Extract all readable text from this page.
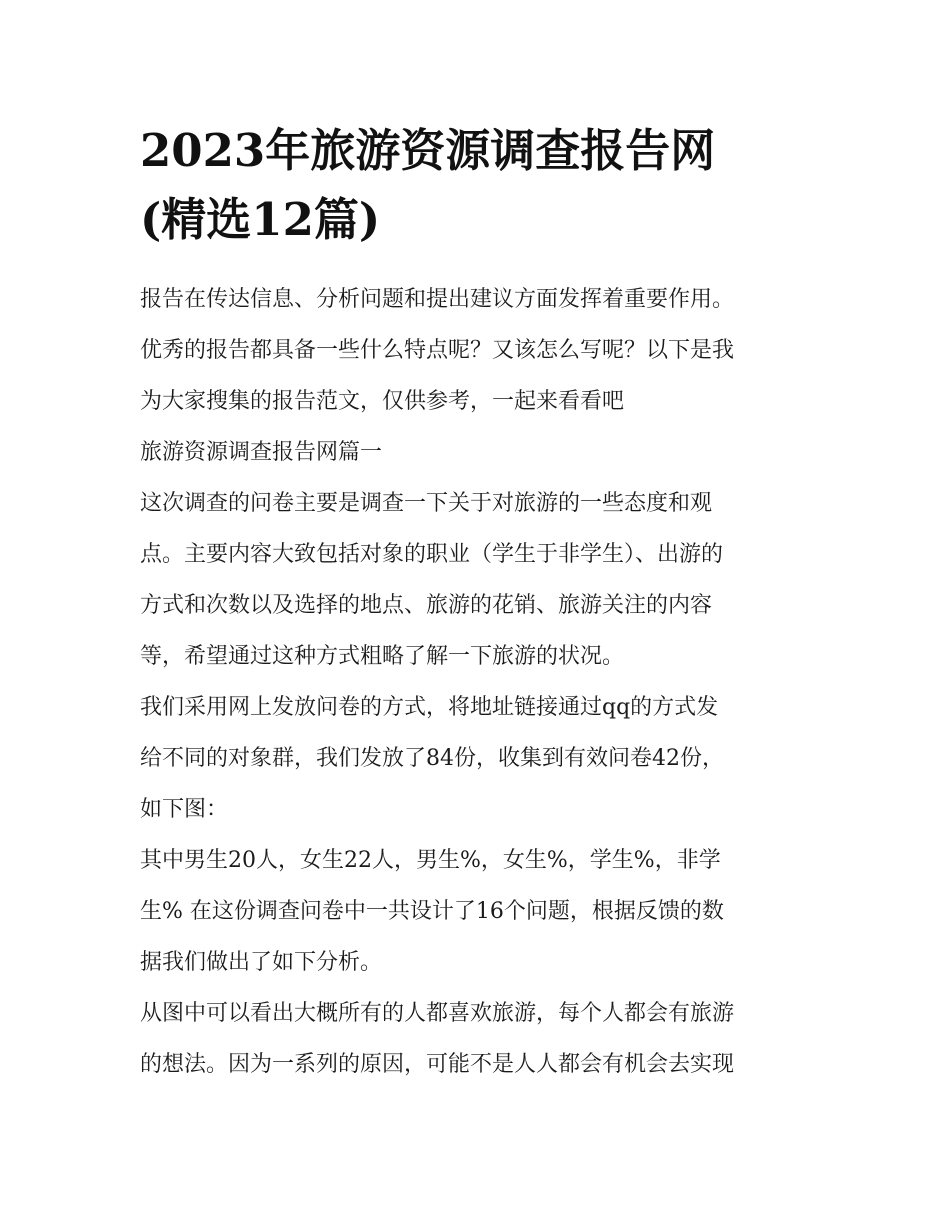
2023年旅游资源调查报告网
(精选12篇)

报告在传达信息、分析问题和提出建议方面发挥着重要作用。
优秀的报告都具备一些什么特点呢？又该怎么写呢？以下是我
为大家搜集的报告范文，仅供参考，一起来看看吧

旅游资源调查报告网篇一

这次调查的问卷主要是调查一下关于对旅游的一些态度和观
点。主要内容大致包括对象的职业（学生于非学生）、出游的
方式和次数以及选择的地点、旅游的花销、旅游关注的内容
等，希望通过这种方式粗略了解一下旅游的状况。

我们采用网上发放问卷的方式，将地址链接通过qq的方式发
给不同的对象群，我们发放了84份，收集到有效问卷42份，
如下图：

其中男生20人，女生22人，男生%，女生%，学生%，非学
生% 在这份调查问卷中一共设计了16个问题，根据反馈的数
据我们做出了如下分析。

从图中可以看出大概所有的人都喜欢旅游，每个人都会有旅游
的想法。因为一系列的原因，可能不是人人都会有机会去实现
